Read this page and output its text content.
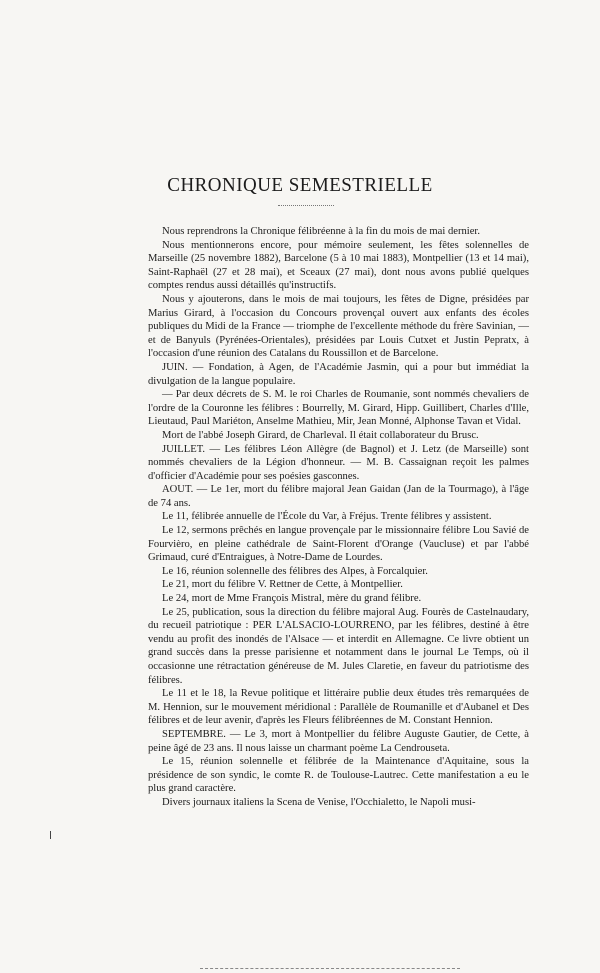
CHRONIQUE SEMESTRIELLE

Nous reprendrons la Chronique félibréenne à la fin du mois de mai dernier.

Nous mentionnerons encore, pour mémoire seulement, les fêtes solennelles de Marseille (25 novembre 1882), Barcelone (5 à 10 mai 1883), Montpellier (13 et 14 mai), Saint-Raphaël (27 et 28 mai), et Sceaux (27 mai), dont nous avons publié quelques comptes rendus aussi détaillés qu'instructifs.

Nous y ajouterons, dans le mois de mai toujours, les fêtes de Digne, présidées par Marius Girard, à l'occasion du Concours provençal ouvert aux enfants des écoles publiques du Midi de la France — triomphe de l'excellente méthode du frère Savinian, — et de Banyuls (Pyrénées-Orientales), présidées par Louis Cutxet et Justin Pepratx, à l'occasion d'une réunion des Catalans du Roussillon et de Barcelone.

JUIN. — Fondation, à Agen, de l'Académie Jasmin, qui a pour but immédiat la divulgation de la langue populaire.

— Par deux décrets de S. M. le roi Charles de Roumanie, sont nommés chevaliers de l'ordre de la Couronne les félibres : Bourrelly, M. Girard, Hipp. Guillibert, Charles d'Ille, Lieutaud, Paul Mariéton, Anselme Mathieu, Mir, Jean Monné, Alphonse Tavan et Vidal.

Mort de l'abbé Joseph Girard, de Charleval. Il était collaborateur du Brusc.

JUILLET. — Les félibres Léon Allègre (de Bagnol) et J. Letz (de Marseille) sont nommés chevaliers de la Légion d'honneur. — M. B. Cassaignan reçoit les palmes d'officier d'Académie pour ses poésies gasconnes.

AOUT. — Le 1er, mort du félibre majoral Jean Gaidan (Jan de la Tourmago), à l'âge de 74 ans.

Le 11, félibrée annuelle de l'École du Var, à Fréjus. Trente félibres y assistent.

Le 12, sermons prêchés en langue provençale par le missionnaire félibre Lou Savié de Fourvièro, en pleine cathédrale de Saint-Florent d'Orange (Vaucluse) et par l'abbé Grimaud, curé d'Entraigues, à Notre-Dame de Lourdes.

Le 16, réunion solennelle des félibres des Alpes, à Forcalquier.

Le 21, mort du félibre V. Rettner de Cette, à Montpellier.

Le 24, mort de Mme François Mistral, mère du grand félibre.

Le 25, publication, sous la direction du félibre majoral Aug. Fourès de Castelnaudary, du recueil patriotique : PER L'ALSACIO-LOURRENO, par les félibres, destiné à être vendu au profit des inondés de l'Alsace — et interdit en Allemagne. Ce livre obtient un grand succès dans la presse parisienne et notamment dans le journal Le Temps, où il occasionne une rétractation généreuse de M. Jules Claretie, en faveur du patriotisme des félibres.

Le 11 et le 18, la Revue politique et littéraire publie deux études très remarquées de M. Hennion, sur le mouvement méridional : Parallèle de Roumanille et d'Aubanel et Des félibres et de leur avenir, d'après les Fleurs félibréennes de M. Constant Hennion.

SEPTEMBRE. — Le 3, mort à Montpellier du félibre Auguste Gautier, de Cette, à peine âgé de 23 ans. Il nous laisse un charmant poème La Cendrouseta.

Le 15, réunion solennelle et félibrée de la Maintenance d'Aquitaine, sous la présidence de son syndic, le comte R. de Toulouse-Lautrec. Cette manifestation a eu le plus grand caractère.

Divers journaux italiens la Scena de Venise, l'Occhialetto, le Napoli musi-
